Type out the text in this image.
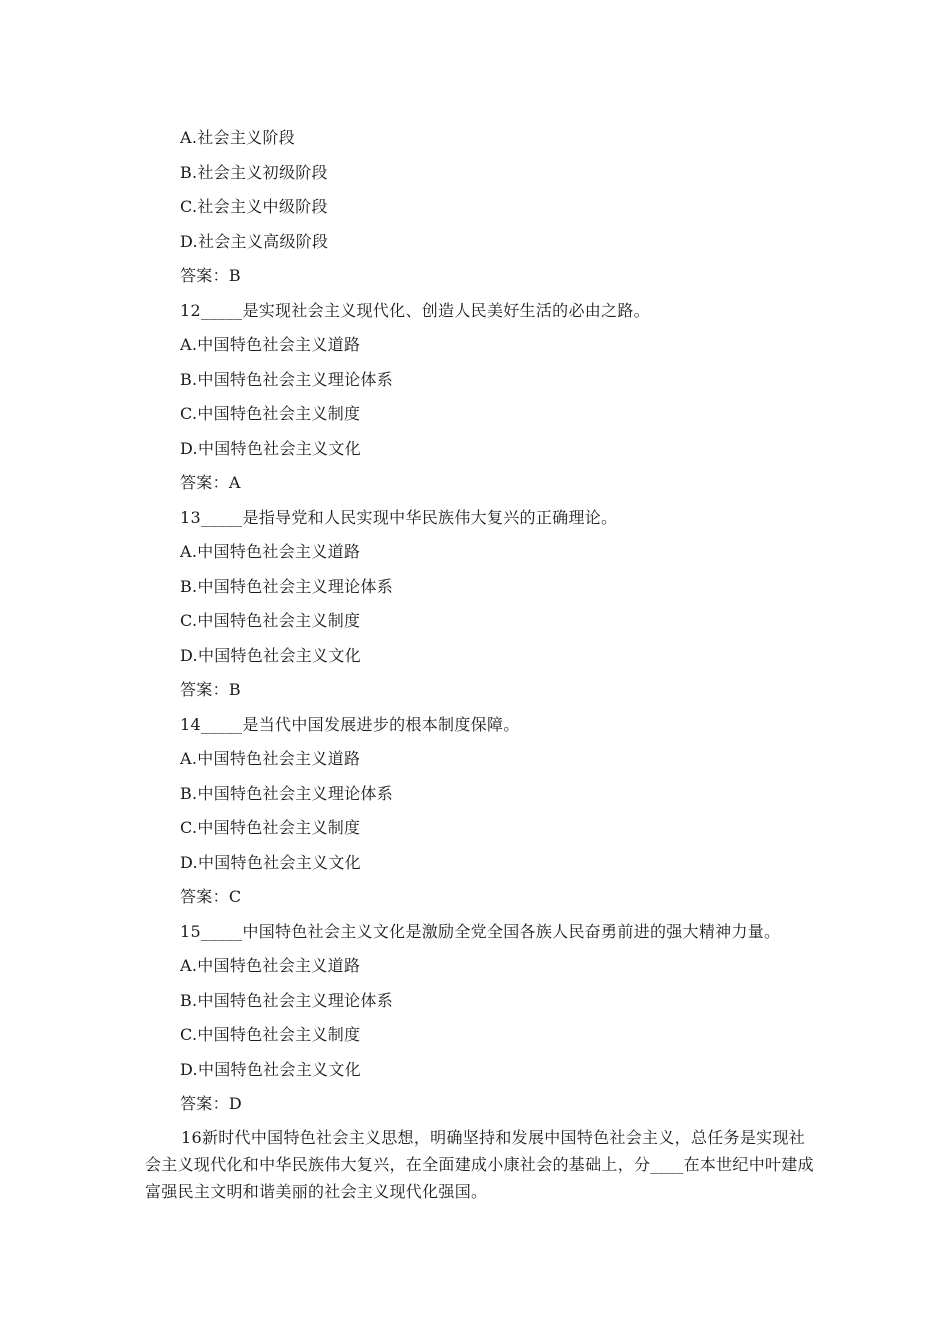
A.社会主义阶段
B.社会主义初级阶段
C.社会主义中级阶段
D.社会主义高级阶段
答案：B
12_____是实现社会主义现代化、创造人民美好生活的必由之路。
A.中国特色社会主义道路
B.中国特色社会主义理论体系
C.中国特色社会主义制度
D.中国特色社会主义文化
答案：A
13_____是指导党和人民实现中华民族伟大复兴的正确理论。
A.中国特色社会主义道路
B.中国特色社会主义理论体系
C.中国特色社会主义制度
D.中国特色社会主义文化
答案：B
14_____是当代中国发展进步的根本制度保障。
A.中国特色社会主义道路
B.中国特色社会主义理论体系
C.中国特色社会主义制度
D.中国特色社会主义文化
答案：C
15_____中国特色社会主义文化是激励全党全国各族人民奋勇前进的强大精神力量。
A.中国特色社会主义道路
B.中国特色社会主义理论体系
C.中国特色社会主义制度
D.中国特色社会主义文化
答案：D
16新时代中国特色社会主义思想，明确坚持和发展中国特色社会主义，总任务是实现社会主义现代化和中华民族伟大复兴，在全面建成小康社会的基础上，分____在本世纪中叶建成富强民主文明和谐美丽的社会主义现代化强国。
